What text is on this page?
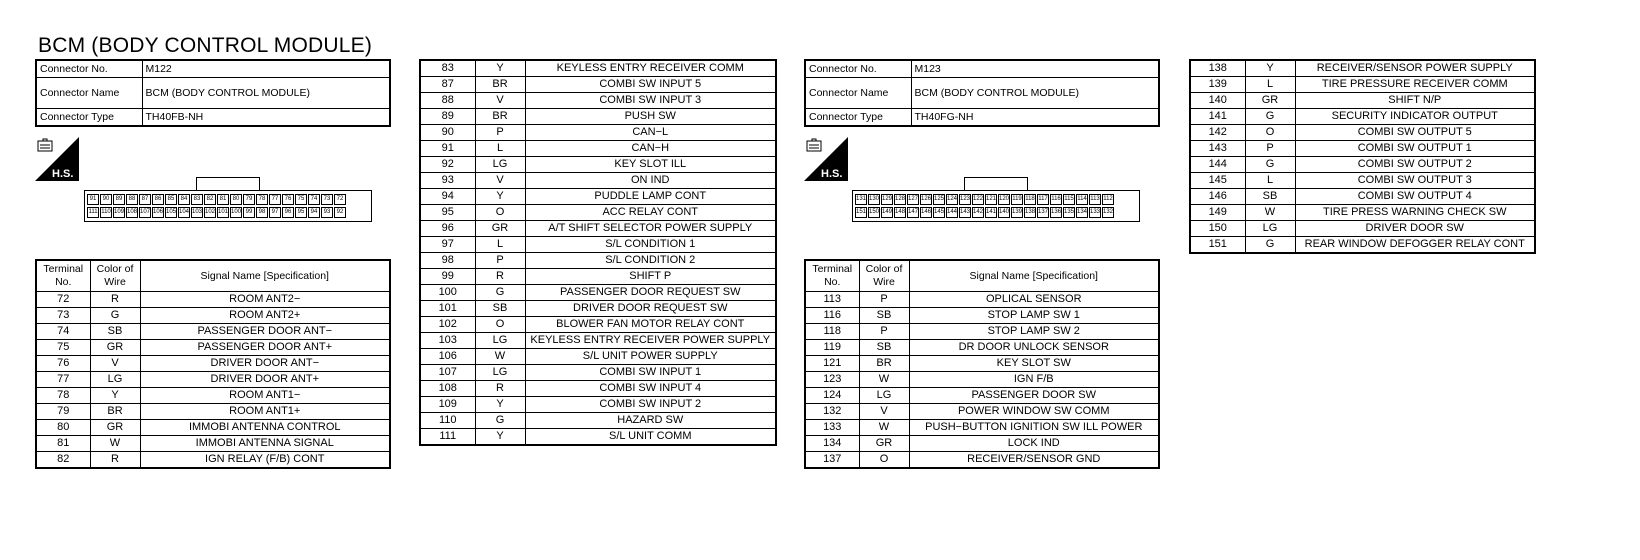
BCM (BODY CONTROL MODULE)
Connector No.	M122
Connector Name	BCM (BODY CONTROL MODULE)
Connector Type	TH40FB-NH
Connector No.	M123
Connector Name	BCM (BODY CONTROL MODULE)
Connector Type	TH40FG-NH
H.S.	H.S.
91	90	89	88	87	86	85	84	83	82	81	80	79	78	77	76	75	74	73	72
111 110 109 108 107 106 105 104 103 102 101 100 99	98	97	96	95	94	93	92
131 130 129 128 127 126 125 124 123 122 121 120 119 118 117 116 115 114 113 112
151 150 149 148 147 146 145 144 143 142 141 140 139 138 137 136 135 134 133 132
Terminal No.	Color of Wire	Signal Name [Specification]
72	R	ROOM ANT2−
73	G	ROOM ANT2+
74	SB	PASSENGER DOOR ANT−
75	GR	PASSENGER DOOR ANT+
76	V	DRIVER DOOR ANT−
77	LG	DRIVER DOOR ANT+
78	Y	ROOM ANT1−
79	BR	ROOM ANT1+
80	GR	IMMOBI ANTENNA CONTROL
81	W	IMMOBI ANTENNA SIGNAL
82	R	IGN RELAY (F/B) CONT
83	Y	KEYLESS ENTRY RECEIVER COMM
87	BR	COMBI SW INPUT 5
88	V	COMBI SW INPUT 3
89	BR	PUSH SW
90	P	CAN−L
91	L	CAN−H
92	LG	KEY SLOT ILL
93	V	ON IND
94	Y	PUDDLE LAMP CONT
95	O	ACC RELAY CONT
96	GR	A/T SHIFT SELECTOR POWER SUPPLY
97	L	S/L CONDITION 1
98	P	S/L CONDITION 2
99	R	SHIFT P
100	G	PASSENGER DOOR REQUEST SW
101	SB	DRIVER DOOR REQUEST SW
102	O	BLOWER FAN MOTOR RELAY CONT
103	LG	KEYLESS ENTRY RECEIVER POWER SUPPLY
106	W	S/L UNIT POWER SUPPLY
107	LG	COMBI SW INPUT 1
108	R	COMBI SW INPUT 4
109	Y	COMBI SW INPUT 2
110	G	HAZARD SW
111	Y	S/L UNIT COMM
Terminal No.	Color of Wire	Signal Name [Specification]
113	P	OPLICAL SENSOR
116	SB	STOP LAMP SW 1
118	P	STOP LAMP SW 2
119	SB	DR DOOR UNLOCK SENSOR
121	BR	KEY SLOT SW
123	W	IGN F/B
124	LG	PASSENGER DOOR SW
132	V	POWER WINDOW SW COMM
133	W	PUSH−BUTTON IGNITION SW ILL POWER
134	GR	LOCK IND
137	O	RECEIVER/SENSOR GND
138	Y	RECEIVER/SENSOR POWER SUPPLY
139	L	TIRE PRESSURE RECEIVER COMM
140	GR	SHIFT N/P
141	G	SECURITY INDICATOR OUTPUT
142	O	COMBI SW OUTPUT 5
143	P	COMBI SW OUTPUT 1
144	G	COMBI SW OUTPUT 2
145	L	COMBI SW OUTPUT 3
146	SB	COMBI SW OUTPUT 4
149	W	TIRE PRESS WARNING CHECK SW
150	LG	DRIVER DOOR SW
151	G	REAR WINDOW DEFOGGER RELAY CONT
